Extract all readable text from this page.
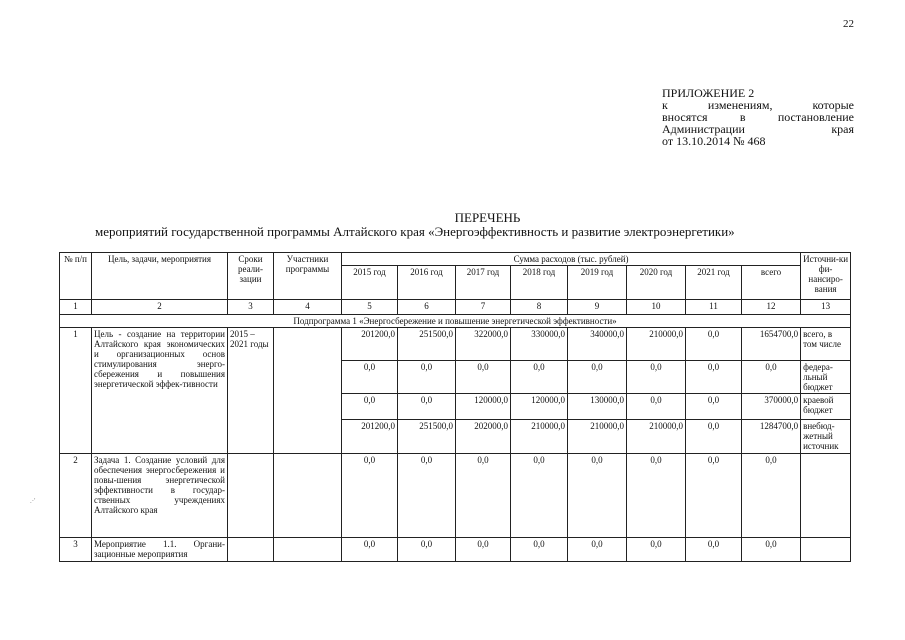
22
ПРИЛОЖЕНИЕ 2
к изменениям, которые
вносятся в постановление
Администрации края
от 13.10.2014 № 468
ПЕРЕЧЕНЬ
мероприятий государственной программы Алтайского края «Энергоэффективность и развитие электроэнергетики»
№ п/п	Цель, задачи, мероприятия	Сроки реали-зации	Участники программы	Сумма расходов (тыс. рублей)								Источни-ки фи-нансиро-вания
				2015 год	2016 год	2017 год	2018 год	2019 год	2020 год	2021 год	всего	
1	2	3	4	5	6	7	8	9	10	11	12	13
Подпрограмма 1 «Энергосбережение и повышение энергетической эффективности»												
1	Цель - создание на территории Алтайского края экономических и организационных основ стимулирования энерго-сбережения и повышения энергетической эффек-тивности	2015 – 2021 годы		201200,0	251500,0	322000,0	330000,0	340000,0	210000,0	0,0	1654700,0	всего, в том числе
				0,0	0,0	0,0	0,0	0,0	0,0	0,0	0,0	федера-льный бюджет
				0,0	0,0	120000,0	120000,0	130000,0	0,0	0,0	370000,0	краевой бюджет
				201200,0	251500,0	202000,0	210000,0	210000,0	210000,0	0,0	1284700,0	внебюд-жетный источник
2	Задача 1. Создание условий для обеспечения энергосбережения и повы-шения энергетической эффективности в государ-ственных учреждениях Алтайского края			0,0	0,0	0,0	0,0	0,0	0,0	0,0	0,0	
3	Мероприятие 1.1. Органи-зационные мероприятия			0,0	0,0	0,0	0,0	0,0	0,0	0,0	0,0	
.·'
